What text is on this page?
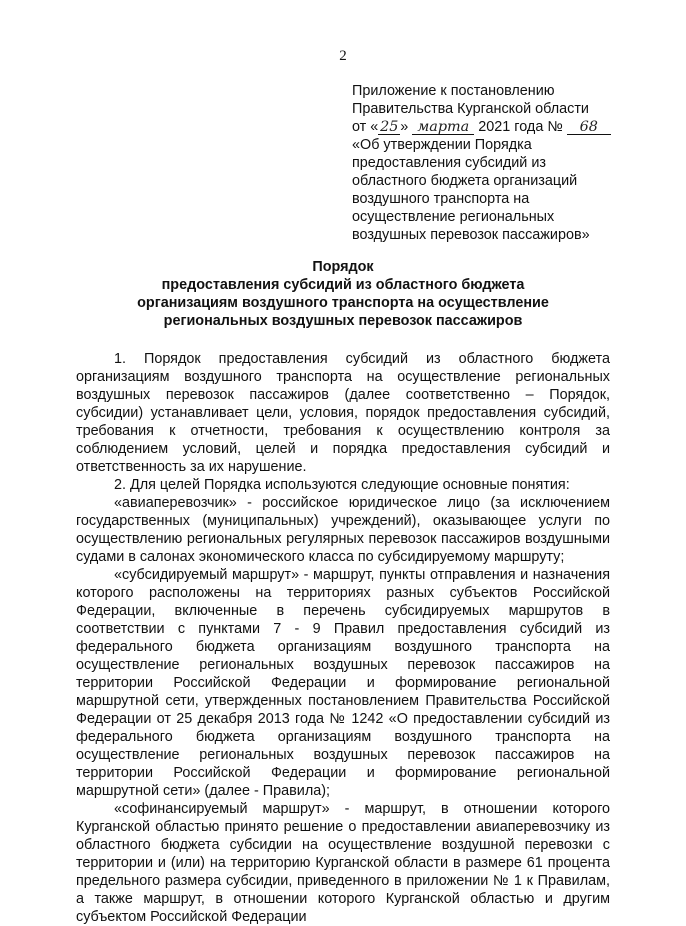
2
Приложение к постановлению
Правительства Курганской области
от « 25 » марта 2021 года № 68
«Об утверждении Порядка
предоставления субсидий из
областного бюджета организаций
воздушного транспорта на
осуществление региональных
воздушных перевозок пассажиров»
Порядок
предоставления субсидий из областного бюджета
организациям воздушного транспорта на осуществление
региональных воздушных перевозок пассажиров

1. Порядок предоставления субсидий из областного бюджета организациям воздушного транспорта на осуществление региональных воздушных перевозок пассажиров (далее соответственно – Порядок, субсидии) устанавливает цели, условия, порядок предоставления субсидий, требования к отчетности, требования к осуществлению контроля за соблюдением условий, целей и порядка предоставления субсидий и ответственность за их нарушение.

2. Для целей Порядка используются следующие основные понятия:

«авиаперевозчик» - российское юридическое лицо (за исключением государственных (муниципальных) учреждений), оказывающее услуги по осуществлению региональных регулярных перевозок пассажиров воздушными судами в салонах экономического класса по субсидируемому маршруту;

«субсидируемый маршрут» - маршрут, пункты отправления и назначения которого расположены на территориях разных субъектов Российской Федерации, включенные в перечень субсидируемых маршрутов в соответствии с пунктами 7 - 9 Правил предоставления субсидий из федерального бюджета организациям воздушного транспорта на осуществление региональных воздушных перевозок пассажиров на территории Российской Федерации и формирование региональной маршрутной сети, утвержденных постановлением Правительства Российской Федерации от 25 декабря 2013 года № 1242 «О предоставлении субсидий из федерального бюджета организациям воздушного транспорта на осуществление региональных воздушных перевозок пассажиров на территории Российской Федерации и формирование региональной маршрутной сети» (далее - Правила);

«софинансируемый маршрут» - маршрут, в отношении которого Курганской областью принято решение о предоставлении авиаперевозчику из областного бюджета субсидии на осуществление воздушной перевозки с территории и (или) на территорию Курганской области в размере 61 процента предельного размера субсидии, приведенного в приложении № 1 к Правилам, а также маршрут, в отношении которого Курганской областью и другим субъектом Российской Федерации
